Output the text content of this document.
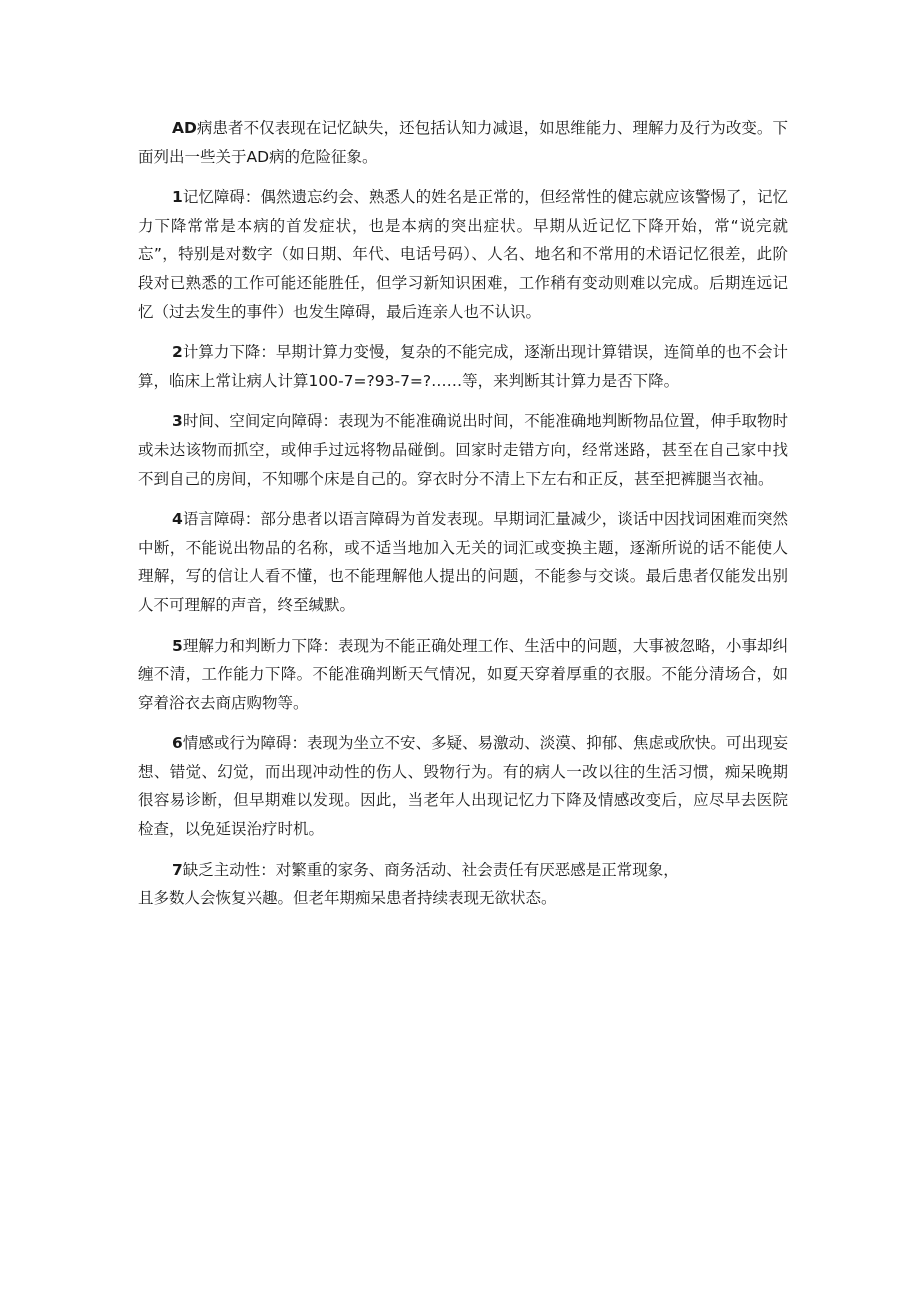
AD病患者不仅表现在记忆缺失，还包括认知力减退，如思维能力、理解力及行为改变。下面列出一些关于AD病的危险征象。

1记忆障碍：偶然遗忘约会、熟悉人的姓名是正常的，但经常性的健忘就应该警惕了，记忆力下降常常是本病的首发症状，也是本病的突出症状。早期从近记忆下降开始，常“说完就忘”，特别是对数字（如日期、年代、电话号码）、人名、地名和不常用的术语记忆很差，此阶段对已熟悉的工作可能还能胜任，但学习新知识困难，工作稍有变动则难以完成。后期连远记忆（过去发生的事件）也发生障碍，最后连亲人也不认识。

2计算力下降：早期计算力变慢，复杂的不能完成，逐渐出现计算错误，连简单的也不会计算，临床上常让病人计算100-7=?93-7=?……等，来判断其计算力是否下降。

3时间、空间定向障碍：表现为不能准确说出时间，不能准确地判断物品位置，伸手取物时或未达该物而抓空，或伸手过远将物品碰倒。回家时走错方向，经常迷路，甚至在自己家中找不到自己的房间，不知哪个床是自己的。穿衣时分不清上下左右和正反，甚至把裤腿当衣袖。

4语言障碍：部分患者以语言障碍为首发表现。早期词汇量减少，谈话中因找词困难而突然中断，不能说出物品的名称，或不适当地加入无关的词汇或变换主题，逐渐所说的话不能使人理解，写的信让人看不懂，也不能理解他人提出的问题，不能参与交谈。最后患者仅能发出别人不可理解的声音，终至缄默。

5理解力和判断力下降：表现为不能正确处理工作、生活中的问题，大事被忽略，小事却纠缠不清，工作能力下降。不能准确判断天气情况，如夏天穿着厚重的衣服。不能分清场合，如穿着浴衣去商店购物等。

6情感或行为障碍：表现为坐立不安、多疑、易激动、淡漠、抑郁、焦虑或欣快。可出现妄想、错觉、幻觉，而出现冲动性的伤人、毁物行为。有的病人一改以往的生活习惯，痴呆晚期很容易诊断，但早期难以发现。因此，当老年人出现记忆力下降及情感改变后，应尽早去医院检查，以免延误治疗时机。

7缺乏主动性：对繁重的家务、商务活动、社会责任有厌恶感是正常现象，
且多数人会恢复兴趣。但老年期痴呆患者持续表现无欲状态。
